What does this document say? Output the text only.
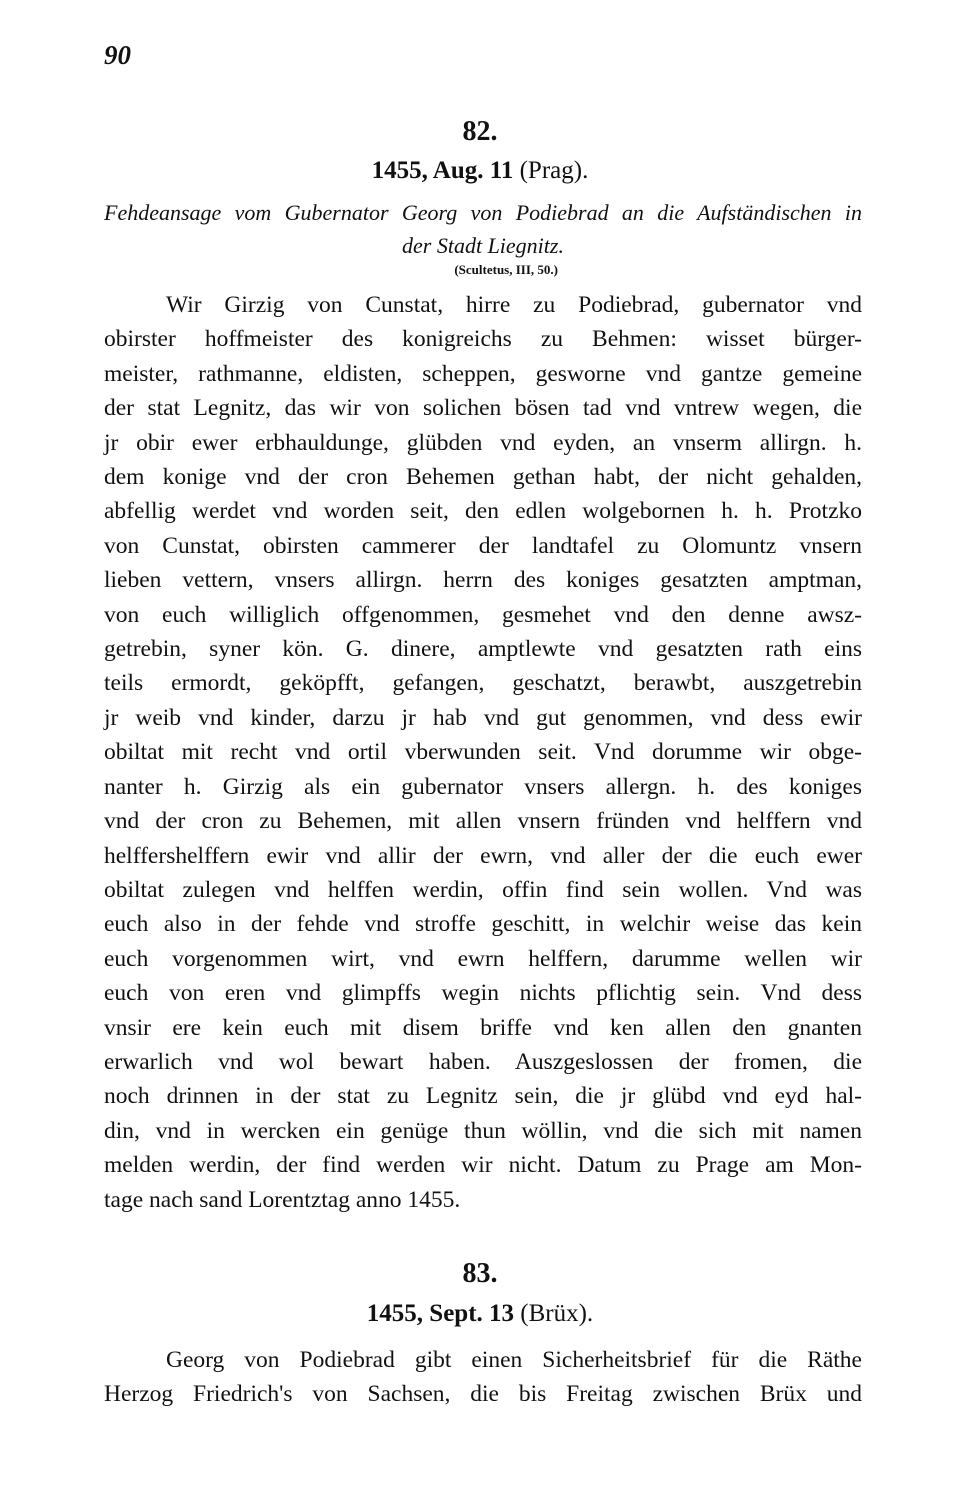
90
82.
1455, Aug. 11 (Prag).
Fehdeansage vom Gubernator Georg von Podiebrad an die Aufständischen in
der Stadt Liegnitz.
(Scultetus, III, 50.)
Wir Girzig von Cunstat, hirre zu Podiebrad, gubernator vnd
obirster hoffmeister des konigreichs zu Behmen: wisset bürger-
meister, rathmanne, eldisten, scheppen, gesworne vnd gantze gemeine
der stat Legnitz, das wir von solichen bösen tad vnd vntrew wegen, die
jr obir ewer erbhauldunge, glübden vnd eyden, an vnserm allirgn. h.
dem konige vnd der cron Behemen gethan habt, der nicht gehalden,
abfellig werdet vnd worden seit, den edlen wolgebornen h. h. Protzko
von Cunstat, obirsten cammerer der landtafel zu Olomuntz vnsern
lieben vettern, vnsers allirgn. herrn des koniges gesatzten amptman,
von euch williglich offgenommen, gesmehet vnd den denne awsz-
getrebin, syner kön. G. dinere, amptlewte vnd gesatzten rath eins
teils ermordt, geköpfft, gefangen, geschatzt, berawbt, auszgetrebin
jr weib vnd kinder, darzu jr hab vnd gut genommen, vnd dess ewir
obiltat mit recht vnd ortil vberwunden seit. Vnd dorumme wir obge-
nanter h. Girzig als ein gubernator vnsers allergn. h. des koniges
vnd der cron zu Behemen, mit allen vnsern fründen vnd helffern vnd
helffershelffern ewir vnd allir der ewrn, vnd aller der die euch ewer
obiltat zulegen vnd helffen werdin, offin find sein wollen. Vnd was
euch also in der fehde vnd stroffe geschitt, in welchir weise das kein
euch vorgenommen wirt, vnd ewrn helffern, darumme wellen wir
euch von eren vnd glimpffs wegin nichts pflichtig sein. Vnd dess
vnsir ere kein euch mit disem briffe vnd ken allen den gnanten
erwarlich vnd wol bewart haben. Auszgeslossen der fromen, die
noch drinnen in der stat zu Legnitz sein, die jr glübd vnd eyd hal-
din, vnd in wercken ein genüge thun wöllin, vnd die sich mit namen
melden werdin, der find werden wir nicht. Datum zu Prage am Mon-
tage nach sand Lorentztag anno 1455.
83.
1455, Sept. 13 (Brüx).
Georg von Podiebrad gibt einen Sicherheitsbrief für die Räthe
Herzog Friedrich's von Sachsen, die bis Freitag zwischen Brüx und
